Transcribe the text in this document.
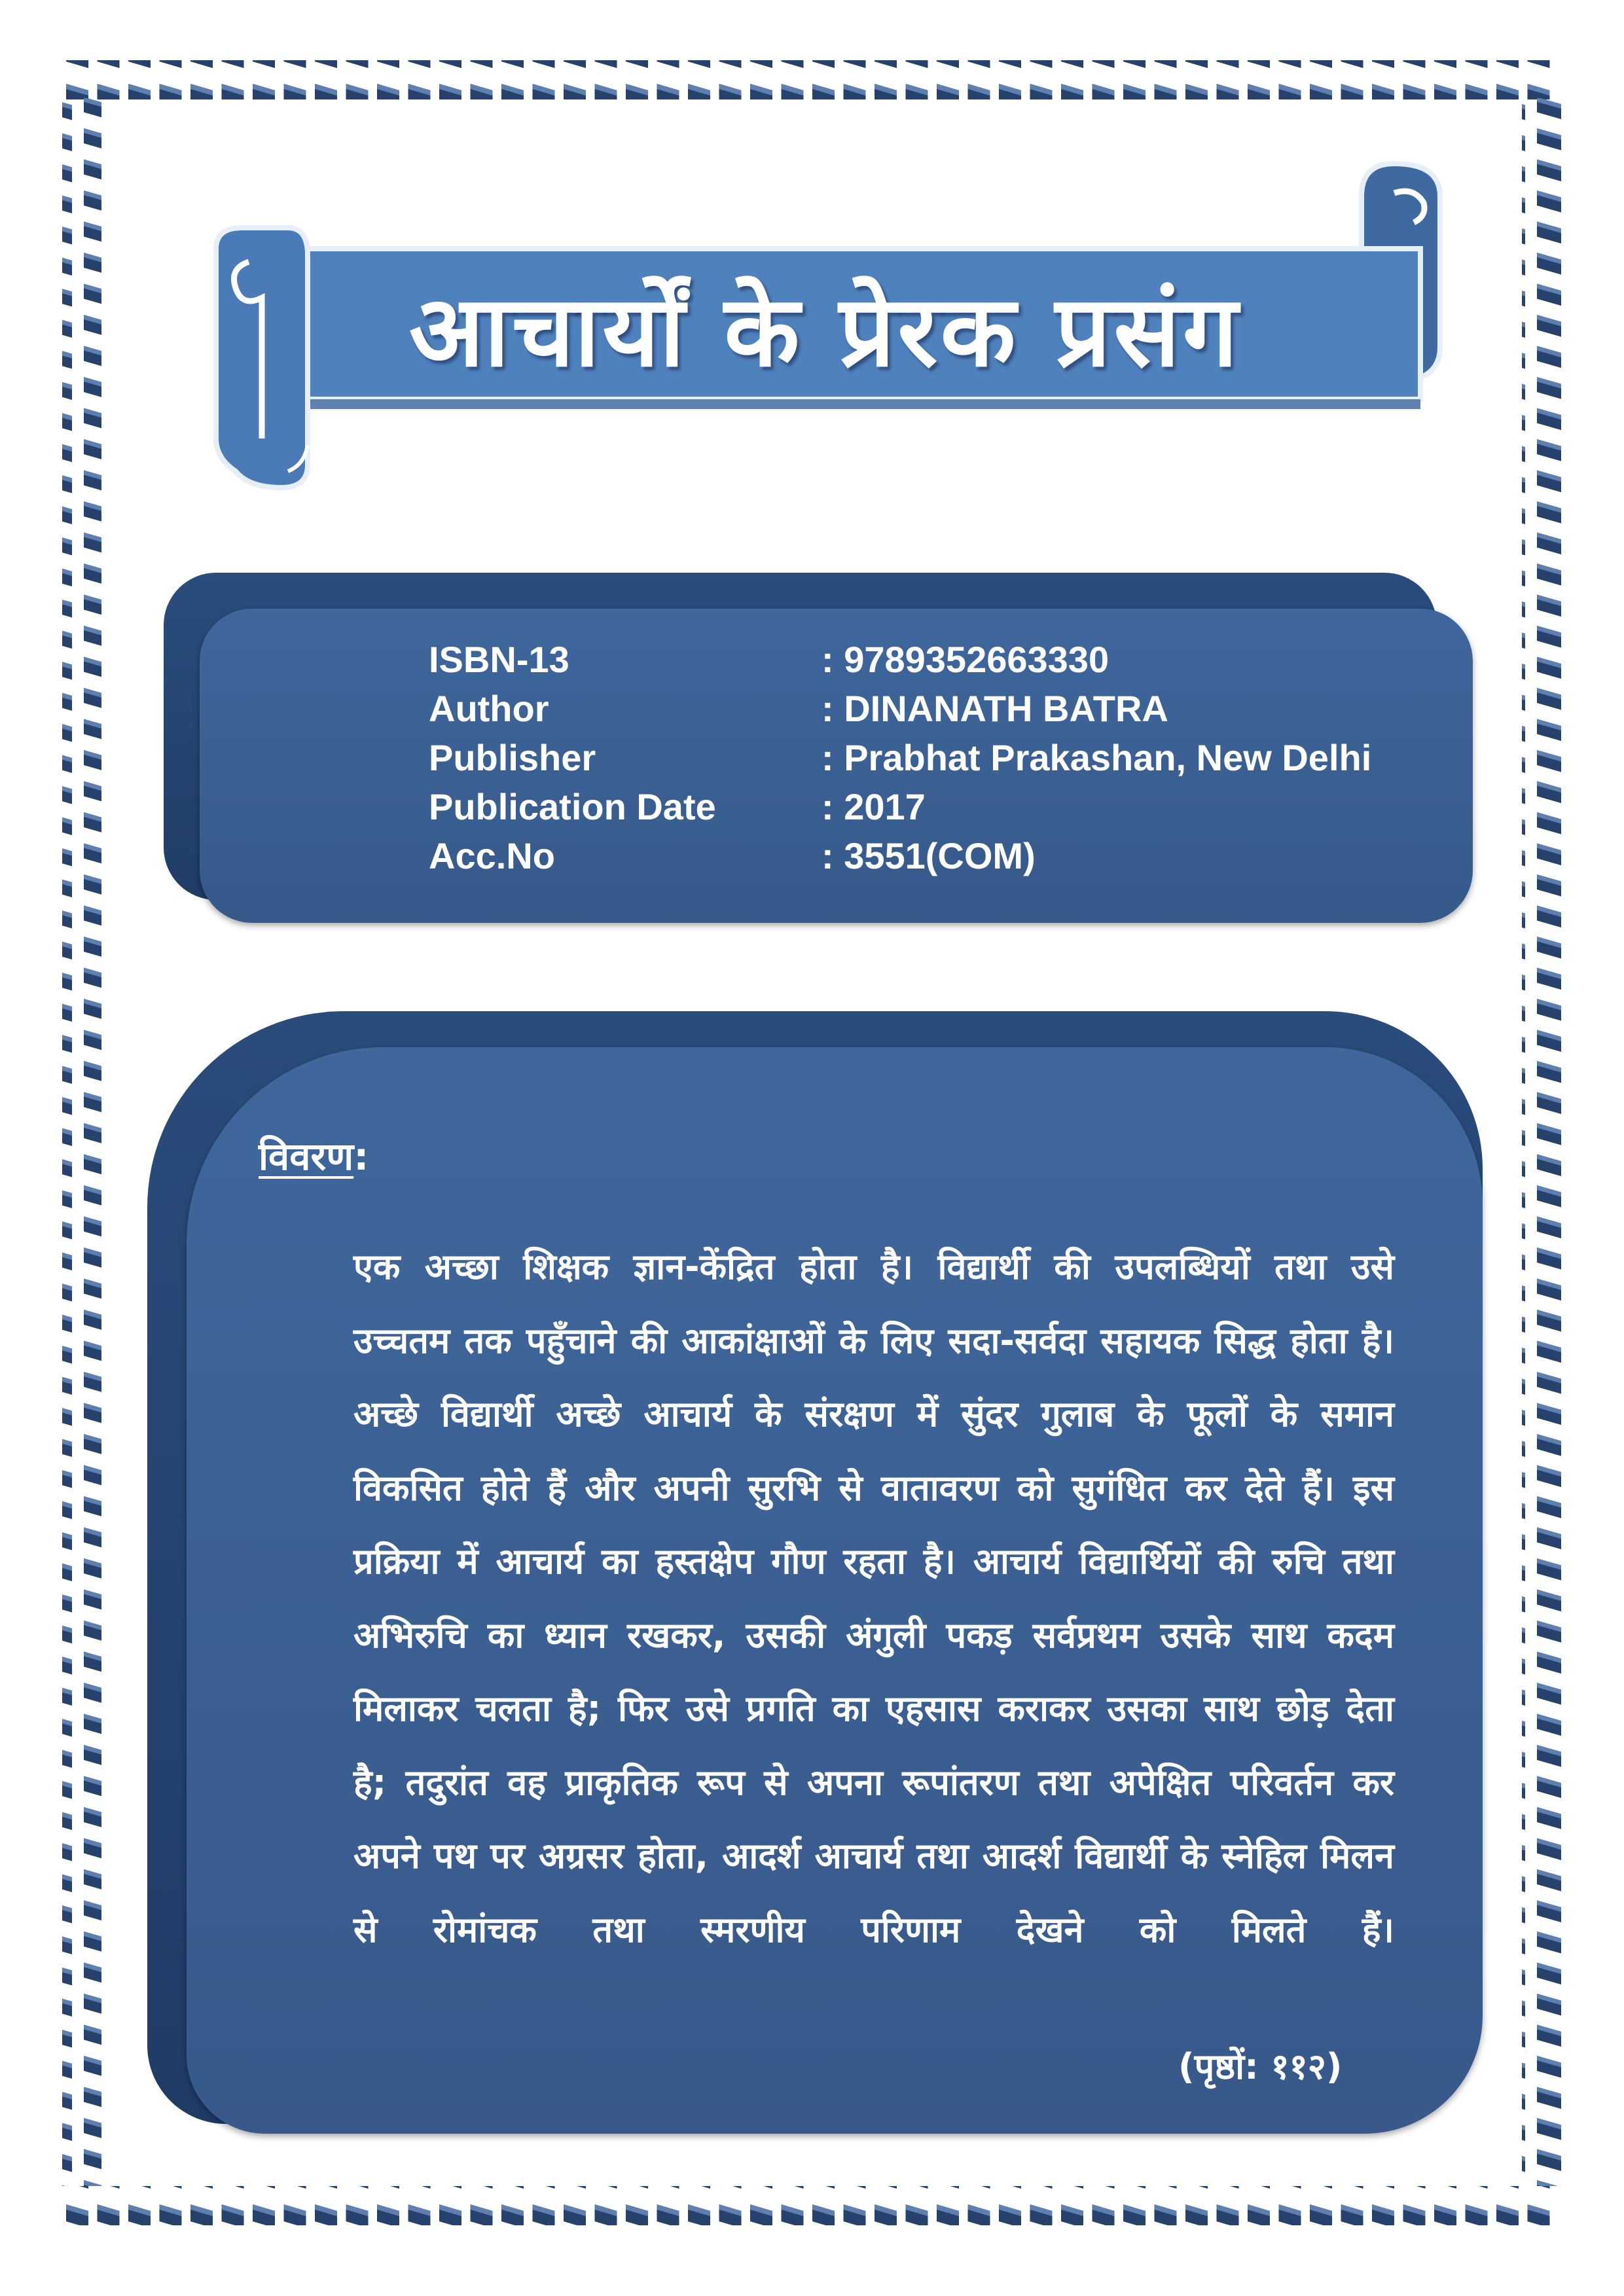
आचार्यों के प्रेरक प्रसंग
ISBN-13	: 9789352663330
Author	: DINANATH BATRA
Publisher	: Prabhat Prakashan, New Delhi
Publication Date	: 2017
Acc.No	: 3551(COM)
विवरण:
एक अच्छा शिक्षक ज्ञान-केंद्रित होता है। विद्यार्थी की उपलब्धियों तथा उसे उच्चतम तक पहुँचाने की आकांक्षाओं के लिए सदा-सर्वदा सहायक सिद्ध होता है। अच्छे विद्यार्थी अच्छे आचार्य के संरक्षण में सुंदर गुलाब के फूलों के समान विकसित होते हैं और अपनी सुरभि से वातावरण को सुगंधित कर देते हैं। इस प्रक्रिया में आचार्य का हस्तक्षेप गौण रहता है। आचार्य विद्यार्थियों की रुचि तथा अभिरुचि का ध्यान रखकर, उसकी अंगुली पकड़ सर्वप्रथम उसके साथ कदम मिलाकर चलता है; फिर उसे प्रगति का एहसास कराकर उसका साथ छोड़ देता है; तदुरांत वह प्राकृतिक रूप से अपना रूपांतरण तथा अपेक्षित परिवर्तन कर अपने पथ पर अग्रसर होता, आदर्श आचार्य तथा आदर्श विद्यार्थी के स्नेहिल मिलन से रोमांचक तथा स्मरणीय परिणाम देखने को मिलते हैं।
(पृष्ठों: ११२)
